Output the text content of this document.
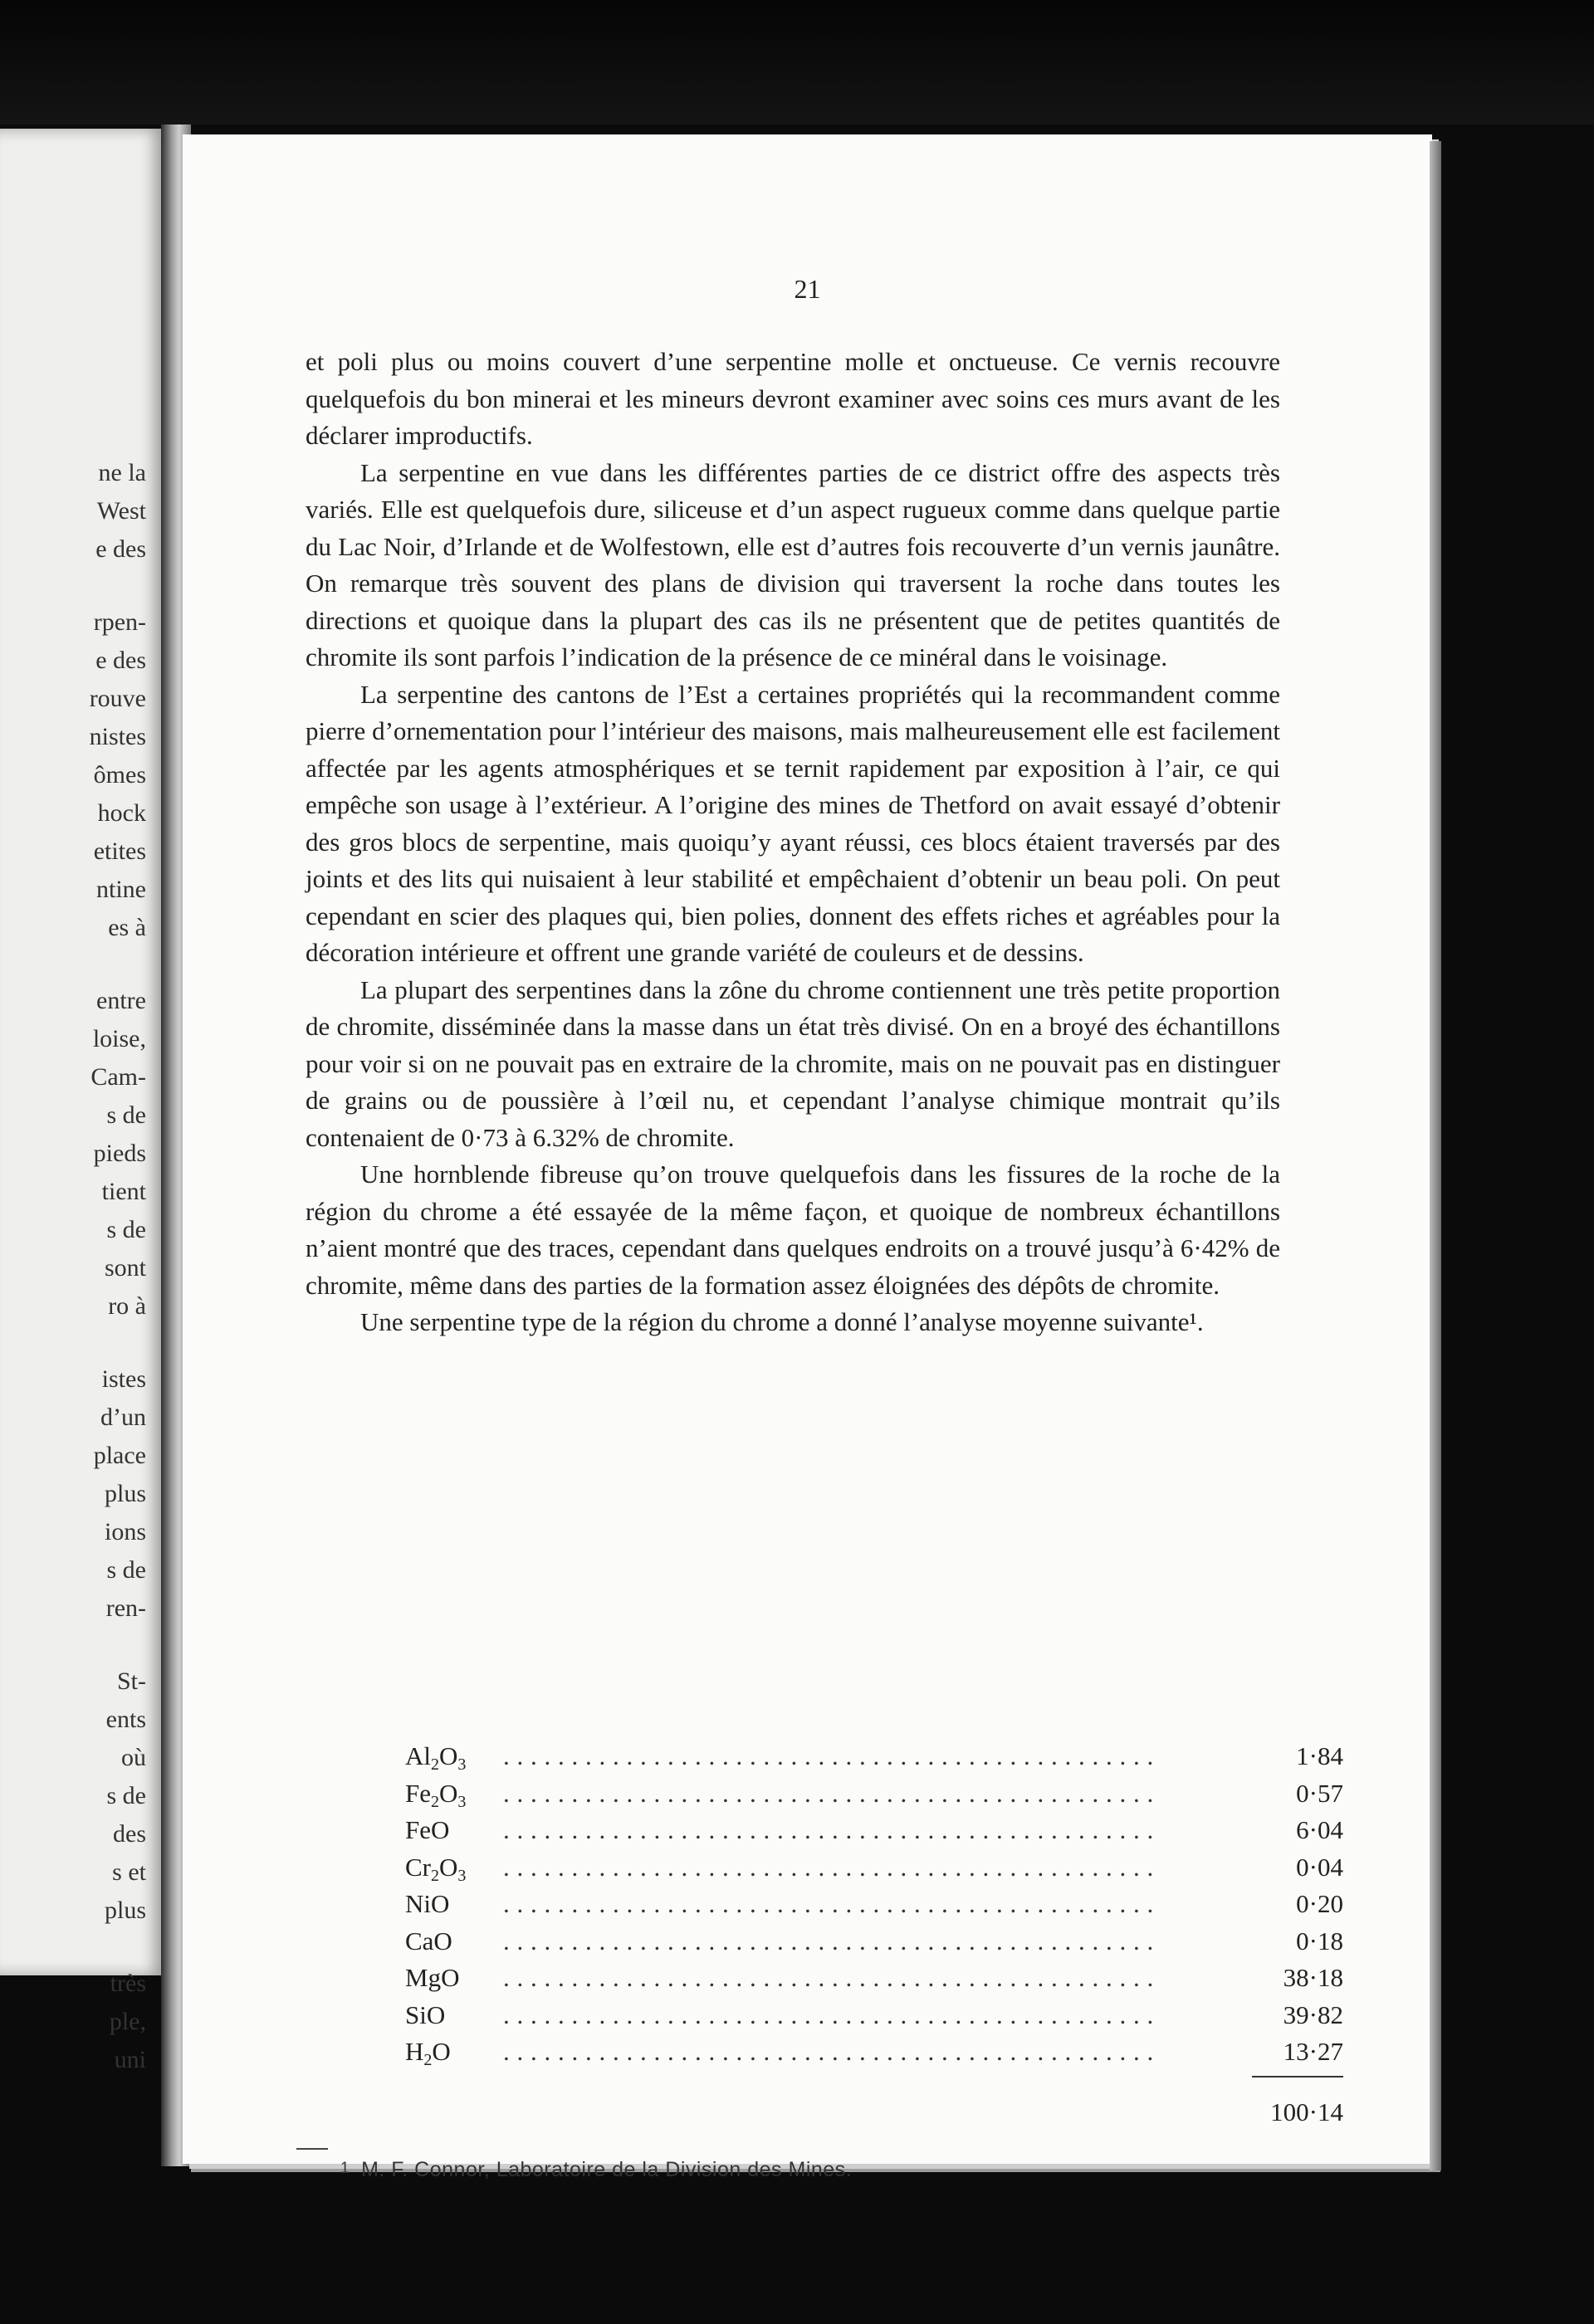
ne la
West
e des
rpen-
e des
rouve
nistes
ômes
hock
etites
ntine
es à
entre
loise,
Cam-
s de
pieds
tient
s de
sont
ro à
istes
d’un
place
plus
ions
s de
ren-
St-
ents
où
s de
des
s et
plus
très
ple,
uni
21

et poli plus ou moins couvert d’une serpentine molle et onctueuse. Ce vernis recouvre quelquefois du bon minerai et les mineurs devront examiner avec soins ces murs avant de les déclarer improductifs.

La serpentine en vue dans les différentes parties de ce district offre des aspects très variés. Elle est quelquefois dure, siliceuse et d’un aspect rugueux comme dans quelque partie du Lac Noir, d’Irlande et de Wolfestown, elle est d’autres fois recouverte d’un vernis jaunâtre. On remarque très souvent des plans de division qui traversent la roche dans toutes les directions et quoique dans la plupart des cas ils ne présentent que de petites quantités de chromite ils sont parfois l’indication de la présence de ce minéral dans le voisinage.

La serpentine des cantons de l’Est a certaines propriétés qui la recommandent comme pierre d’ornementation pour l’intérieur des maisons, mais malheureusement elle est facilement affectée par les agents atmosphériques et se ternit rapidement par exposition à l’air, ce qui empêche son usage à l’extérieur. A l’origine des mines de Thetford on avait essayé d’obtenir des gros blocs de serpentine, mais quoiqu’y ayant réussi, ces blocs étaient traversés par des joints et des lits qui nuisaient à leur stabilité et empêchaient d’obtenir un beau poli. On peut cependant en scier des plaques qui, bien polies, donnent des effets riches et agréables pour la décoration intérieure et offrent une grande variété de couleurs et de dessins.

La plupart des serpentines dans la zône du chrome contiennent une très petite proportion de chromite, disséminée dans la masse dans un état très divisé. On en a broyé des échantillons pour voir si on ne pouvait pas en extraire de la chromite, mais on ne pouvait pas en distinguer de grains ou de poussière à l’œil nu, et cependant l’analyse chimique montrait qu’ils contenaient de 0·73 à 6.32% de chromite.

Une hornblende fibreuse qu’on trouve quelquefois dans les fissures de la roche de la région du chrome a été essayée de la même façon, et quoique de nombreux échantillons n’aient montré que des traces, cependant dans quelques endroits on a trouvé jusqu’à 6·42% de chromite, même dans des parties de la formation assez éloignées des dépôts de chromite.

Une serpentine type de la région du chrome a donné l’analyse moyenne suivante¹.

$Al_2O_3$ . . . . . . . . . . . . . . . . . . . . . . . . . . . . . . . . . . . . . . . . . . . . . . . .	1·84
$Fe_2O_3$ . . . . . . . . . . . . . . . . . . . . . . . . . . . . . . . . . . . . . . . . . . . . . . . .	0·57
FeO . . . . . . . . . . . . . . . . . . . . . . . . . . . . . . . . . . . . . . . . . . . . . . . .	6·04
$Cr_2O_3$ . . . . . . . . . . . . . . . . . . . . . . . . . . . . . . . . . . . . . . . . . . . . . . . .	0·04
NiO . . . . . . . . . . . . . . . . . . . . . . . . . . . . . . . . . . . . . . . . . . . . . . . .	0·20
CaO . . . . . . . . . . . . . . . . . . . . . . . . . . . . . . . . . . . . . . . . . . . . . . . .	0·18
MgO . . . . . . . . . . . . . . . . . . . . . . . . . . . . . . . . . . . . . . . . . . . . . . . .	38·18
SiO . . . . . . . . . . . . . . . . . . . . . . . . . . . . . . . . . . . . . . . . . . . . . . . .	39·82
$H_2O$ . . . . . . . . . . . . . . . . . . . . . . . . . . . . . . . . . . . . . . . . . . . . . . . .	13·27
100·14
1 M. F. Connor, Laboratoire de la Division des Mines.
